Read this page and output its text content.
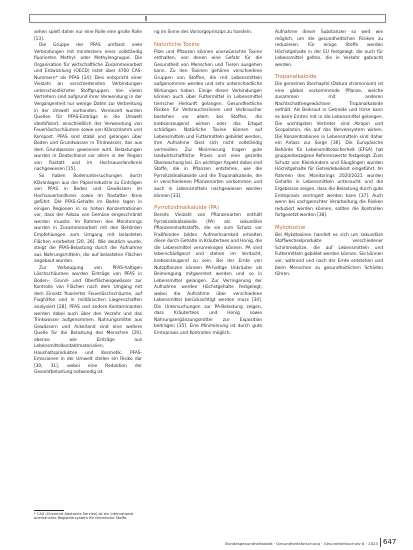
sehen spielt daher nur eine Rolle eine große Rolle [13].

Die Gruppe der PFAS umfasst viele Verbindungen mit mindestens einer vollständig fluorierten Methyl- oder Methylengruppe. Die Organisation für wirtschaftliche Zusammenarbeit und Entwicklung (OECD) listet über 4700 CAS-Nummern* als PFAS [14]. Dies entspricht einer Vielzahl an verschiedensten Verbindungen unterschiedlichster Stoffgruppen. Von vielen Vertretern sind aufgrund ihrer Verwendung in der Vergangenheit nur wenige Daten zur Verbreitung in der Umwelt vorhanden. Vereinzelt wurden Quellen für PFAS-Einträge in die Umwelt identifiziert, einschließlich der Verwendung von Feuerlöschschäumen sowie von Klärschlamm und Kompost. PFAS sind stabil und gelangen über Boden und Grundwasser in Trinkwasser, das aus dem Grundwasser gewonnen wird. Belastungen wurden in Deutschland vor allem in der Region von Rastatt und im Hochsauerlandkreis nachgewiesen [15].

So haben Bodenuntersuchungen durch Kläranlagen aus der Papierindustrie zu Einträgen von PFAS in Boden und Gewässern im Hochsauerlandkreis sowie im Rastatter Kreis geführt. Die PFAS-Gehalte im Boden lagen in einigen Regionen in so hohen Konzentrationen vor, dass der Anbau von Gemüse eingeschränkt werden musste. Im Rahmen des Monitorings wurden in Zusammenarbeit mit den Behörden Empfehlungen zum Umgang mit belasteten Flächen erarbeitet [20, 26]. Wie deutlich wurde, steigt die PFAS-Belastung durch die Aufnahme aus Nahrungsmitteln, die auf belasteten Flächen angebaut wurden.

Zur Vorbeugung von PFAS-haltigen Löschschäumen wurden Einträge von PFAS in Boden-, Grund- und Oberflächengewässer zur Kontrolle von Flächen nach dem Umgang mit dem Einsatz fluorierter Feuerlöschschäume, auf Flughäfen und in militärischen Liegenschaften analysiert [28]. PFAS und andere Kontaminanten werden dabei auch über den Verzehr und das Trinkwasser aufgenommen. Nahrungsmittel aus Gewässern und Ackerland sind eine weitere Quelle für die Belastung des Menschen [29], ebenso wie Einträge aus Lebensmittelkontaktmaterialien, Haushaltsprodukten und Kosmetik. PFAS-Emissionen in der Umwelt stellen ein Risiko dar [30, 31], wobei eine Reduktion der Gesamtbelastung notwendig ist.

* CAS (Chemical Abstracts Service) ist ein international anerkanntes Registriersystem für chemische Stoffe.

ng im Sinne des Vorsorgeprinzips zu handeln.

Natürliche Toxine

Pilze und Pflanzen können unerwünschte Toxine enthalten, von denen eine Gefahr für die Gesundheit von Menschen und Tieren ausgehen kann. Zu den Toxinen gehören verschiedene Gruppen von Stoffen, die mit Lebensmitteln aufgenommen werden und sehr unterschiedliche Wirkungen haben. Einige dieser Verbindungen können auch über Futtermittel in Lebensmittel tierischer Herkunft gelangen. Gesundheitliche Risiken für Verbraucherinnen und Verbraucher bestehen vor allem bei Stoffen, die krebserzeugend wirken oder das Erbgut schädigen. Natürliche Toxine können auf Lebensmitteln und Futtermitteln gebildet werden, ihre Aufnahme lässt sich nicht vollständig vermeiden. Zur Minimierung tragen gute landwirtschaftliche Praxis und eine gezielte Überwachung bei. Ein wichtiger Aspekt dabei sind Stoffe, die in Pflanzen entstehen, wie die Pyrrolizidinalkaloide und die Tropanalkaloide, die in verschiedenen Pflanzenarten vorkommen und auch in Lebensmitteln nachgewiesen werden können [33].

Pyrrolizidinalkaloide (PA)

Bereits Vielzahl von Pflanzenarten enthält Pyrrolizidinalkaloide (PA) als sekundäre Pflanzeninhaltsstoffe, die sie zum Schutz vor Fraßfeinden bilden. Aufmerksamkeit erhielten diese durch Gehalte in Kräutertees und Honig, die die Lebensmittel verunreinigen können. PA sind leberschädigend und stehen im Verdacht, krebserzeugend zu sein. Bei der Ernte von Nutzpflanzen können PA-haltige Unkräuter als Beimengung mitgeerntet werden und so in Lebensmittel gelangen. Zur Verringerung der Aufnahme werden Höchstgehalte festgelegt, wobei die Aufnahme über verschiedene Lebensmittel berücksichtigt werden muss [34]. Die Untersuchungen zur PA-Belastung zeigen, dass Kräutertees und Honig sowie Nahrungsergänzungsmittel zur Exposition beitragen [35]. Eine Minimierung ist durch gute Erntepraxis und Kontrollen möglich.

Aufnahme dieser Substanzen so weit wie möglich, um die gesundheitlichen Risiken zu reduzieren. Für einige Stoffe werden Höchstgehalte in der EU festgelegt, die auch für Lebensmittel gelten, die in Verkehr gebracht werden.

Tropanalkaloide

Die gemeinen Stechapfel (Datura stramonium) ist eine global vorkommende Pflanze, welche zusammen mit anderen Nachtschattengewächsen Tropanalkaloide enthält. Als Beikraut in Getreide und Hirse kann es beim Ernten mit in die Lebensmittel gelangen. Die wichtigsten Vertreter sind Atropin und Scopolamin, die auf das Nervensystem wirken. Die Konzentrationen in Lebensmitteln sind daher ein Anlass zur Sorge [36]. Die Europäische Behörde für Lebensmittelsicherheit (EFSA) hat gruppenbezogene Referenzwerte festgelegt. Zum Schutz von Kleinkindern und Säuglingen wurden Höchstgehalte für Getreidebeikost eingeführt. Im Rahmen des Monitorings 2020/2021 wurden Gehalte in Lebensmitteln untersucht und die Ergebnisse zeigen, dass die Belastung durch gute Erntepraxis verringert werden kann [37]. Auch wenn bei sachgerechter Verarbeitung die Risiken reduziert werden können, sollten die Kontrollen fortgesetzt werden [38].

Mykotoxine

Bei Mykotoxinen handelt es sich um sekundäre Stoffwechselprodukte verschiedener Schimmelpilze, die auf Lebensmitteln und Futtermitteln gebildet werden können. Sie können vor, während und nach der Ernte entstehen und beim Menschen zu gesundheitlichen Schäden führen.

Bundesgesundheitsblatt · Gesundheitsforschung · Gesundheitsschutz 6 · 2023 647
